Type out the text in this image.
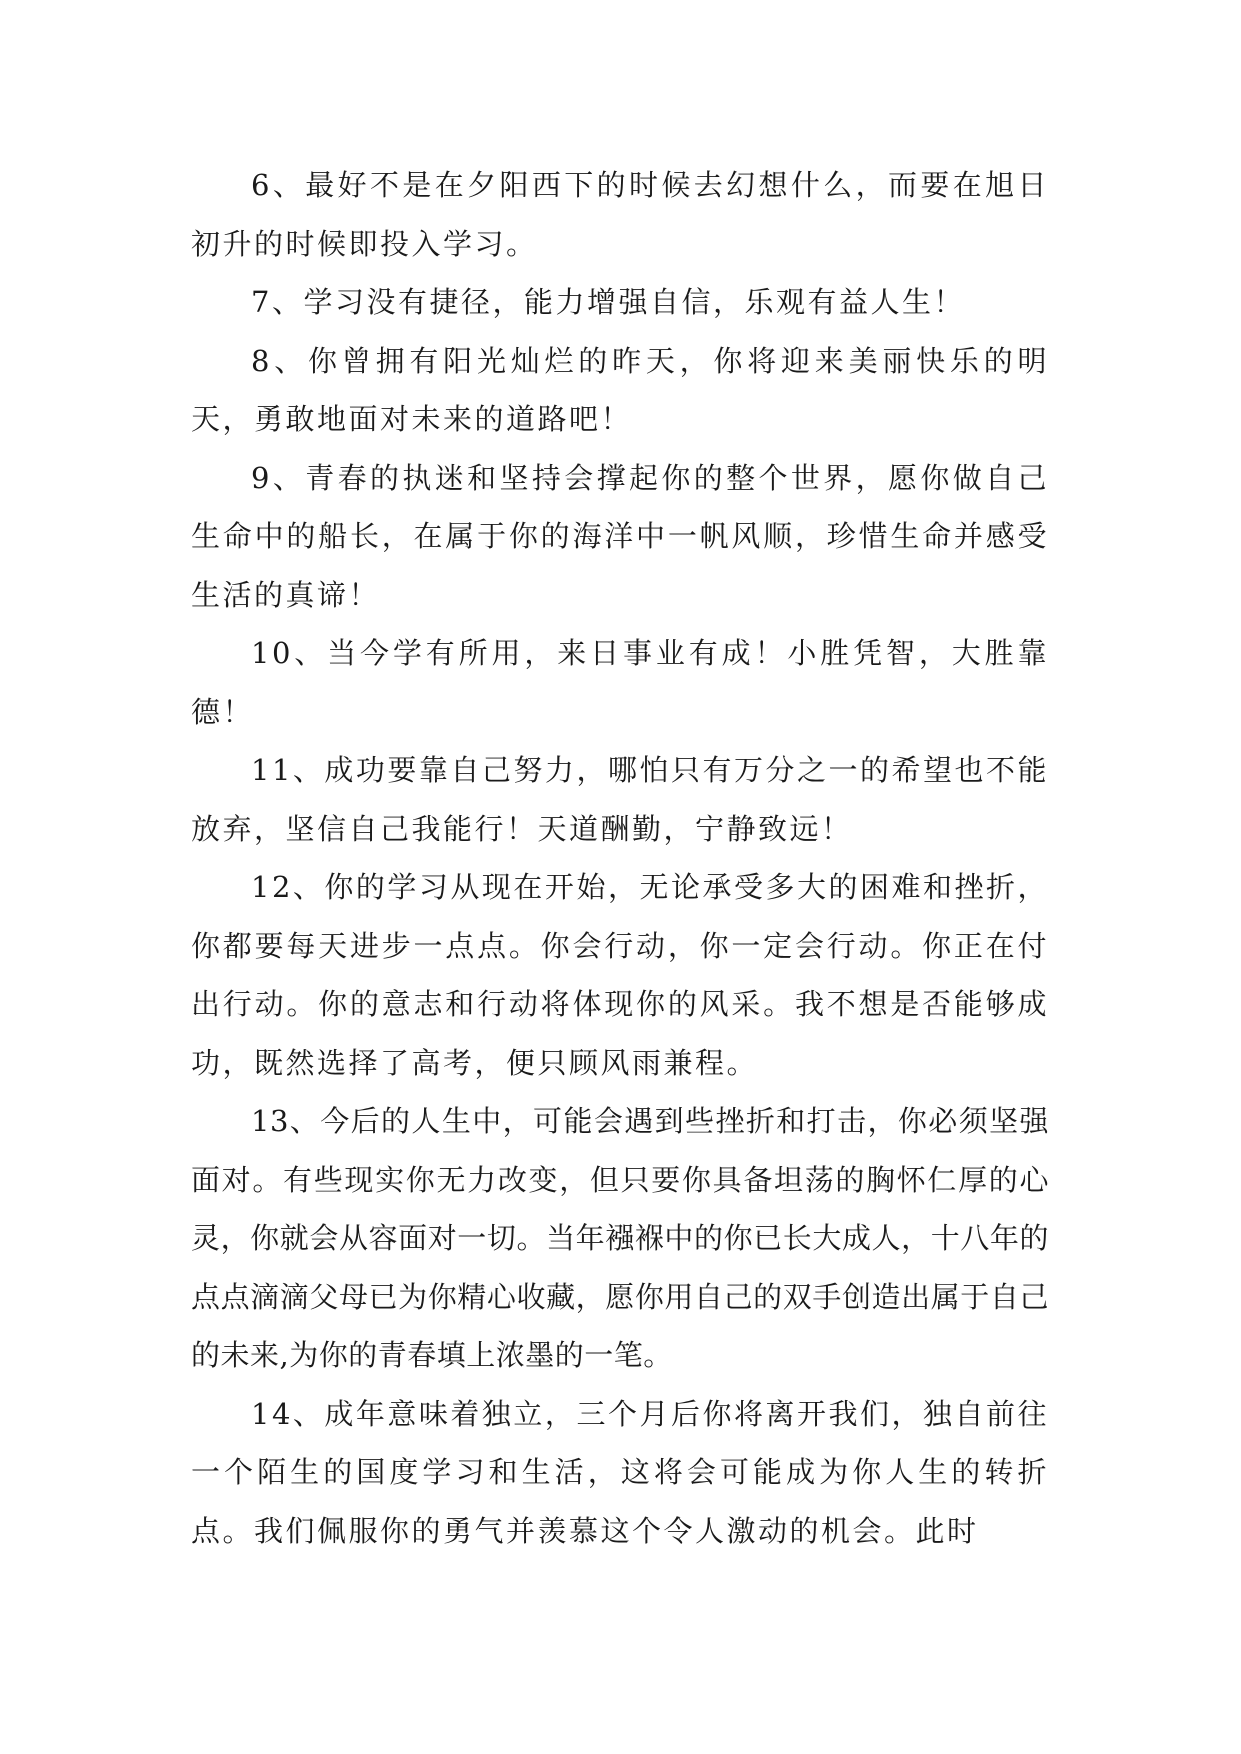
6、最好不是在夕阳西下的时候去幻想什么，而要在旭日初升的时候即投入学习。

7、学习没有捷径，能力增强自信，乐观有益人生！

8、你曾拥有阳光灿烂的昨天，你将迎来美丽快乐的明天，勇敢地面对未来的道路吧！

9、青春的执迷和坚持会撑起你的整个世界，愿你做自己生命中的船长，在属于你的海洋中一帆风顺，珍惜生命并感受生活的真谛！

10、当今学有所用，来日事业有成！小胜凭智，大胜靠德！

11、成功要靠自己努力，哪怕只有万分之一的希望也不能放弃，坚信自己我能行！天道酬勤，宁静致远！

12、你的学习从现在开始，无论承受多大的困难和挫折，你都要每天进步一点点。你会行动，你一定会行动。你正在付出行动。你的意志和行动将体现你的风采。我不想是否能够成功，既然选择了高考，便只顾风雨兼程。

13、今后的人生中，可能会遇到些挫折和打击，你必须坚强面对。有些现实你无力改变，但只要你具备坦荡的胸怀仁厚的心灵，你就会从容面对一切。当年襁褓中的你已长大成人，十八年的点点滴滴父母已为你精心收藏，愿你用自己的双手创造出属于自己的未来,为你的青春填上浓墨的一笔。

14、成年意味着独立，三个月后你将离开我们，独自前往一个陌生的国度学习和生活，这将会可能成为你人生的转折点。我们佩服你的勇气并羡慕这个令人激动的机会。此时
